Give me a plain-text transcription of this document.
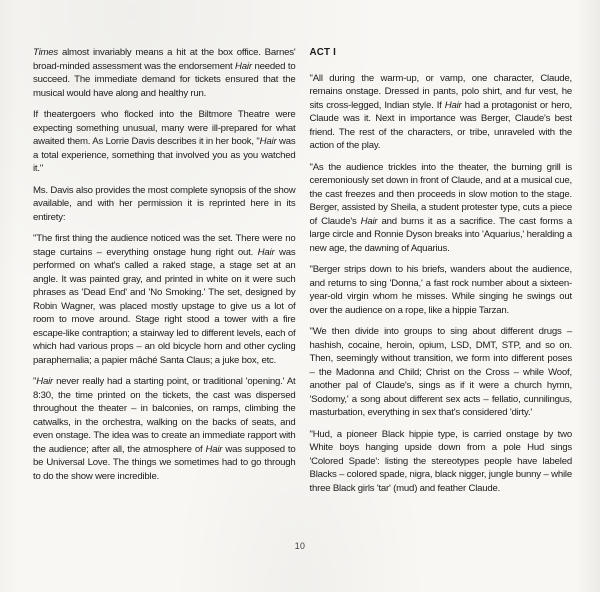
Times almost invariably means a hit at the box office. Barnes' broad-minded assessment was the endorsement Hair needed to succeed. The immediate demand for tickets ensured that the musical would have along and healthy run.

If theatergoers who flocked into the Biltmore Theatre were expecting something unusual, many were ill-prepared for what awaited them. As Lorrie Davis describes it in her book, "Hair was a total experience, something that involved you as you watched it."

Ms. Davis also provides the most complete synopsis of the show available, and with her permission it is reprinted here in its entirety:

"The first thing the audience noticed was the set. There were no stage curtains – everything onstage hung right out. Hair was performed on what's called a raked stage, a stage set at an angle. It was painted gray, and printed in white on it were such phrases as 'Dead End' and 'No Smoking.' The set, designed by Robin Wagner, was placed mostly upstage to give us a lot of room to move around. Stage right stood a tower with a fire escape-like contraption; a stairway led to different levels, each of which had various props – an old bicycle horn and other cycling paraphernalia; a papier mâché Santa Claus; a juke box, etc.

"Hair never really had a starting point, or traditional 'opening.' At 8:30, the time printed on the tickets, the cast was dispersed throughout the theater – in balconies, on ramps, climbing the catwalks, in the orchestra, walking on the backs of seats, and even onstage. The idea was to create an immediate rapport with the audience; after all, the atmosphere of Hair was supposed to be Universal Love. The things we sometimes had to go through to do the show were incredible.

ACT I

"All during the warm-up, or vamp, one character, Claude, remains onstage. Dressed in pants, polo shirt, and fur vest, he sits cross-legged, Indian style. If Hair had a protagonist or hero, Claude was it. Next in importance was Berger, Claude's best friend. The rest of the characters, or tribe, unraveled with the action of the play.

"As the audience trickles into the theater, the burning grill is ceremoniously set down in front of Claude, and at a musical cue, the cast freezes and then proceeds in slow motion to the stage. Berger, assisted by Sheila, a student protester type, cuts a piece of Claude's Hair and burns it as a sacrifice. The cast forms a large circle and Ronnie Dyson breaks into 'Aquarius,' heralding a new age, the dawning of Aquarius.

"Berger strips down to his briefs, wanders about the audience, and returns to sing 'Donna,' a fast rock number about a sixteen-year-old virgin whom he misses. While singing he swings out over the audience on a rope, like a hippie Tarzan.

"We then divide into groups to sing about different drugs – hashish, cocaine, heroin, opium, LSD, DMT, STP, and so on. Then, seemingly without transition, we form into different poses – the Madonna and Child; Christ on the Cross – while Woof, another pal of Claude's, sings as if it were a church hymn, 'Sodomy,' a song about different sex acts – fellatio, cunnilingus, masturbation, everything in sex that's considered 'dirty.'

"Hud, a pioneer Black hippie type, is carried onstage by two White boys hanging upside down from a pole Hud sings 'Colored Spade': listing the stereotypes people have labeled Blacks – colored spade, nigra, black nigger, jungle bunny – while three Black girls 'tar' (mud) and feather Claude.

10
